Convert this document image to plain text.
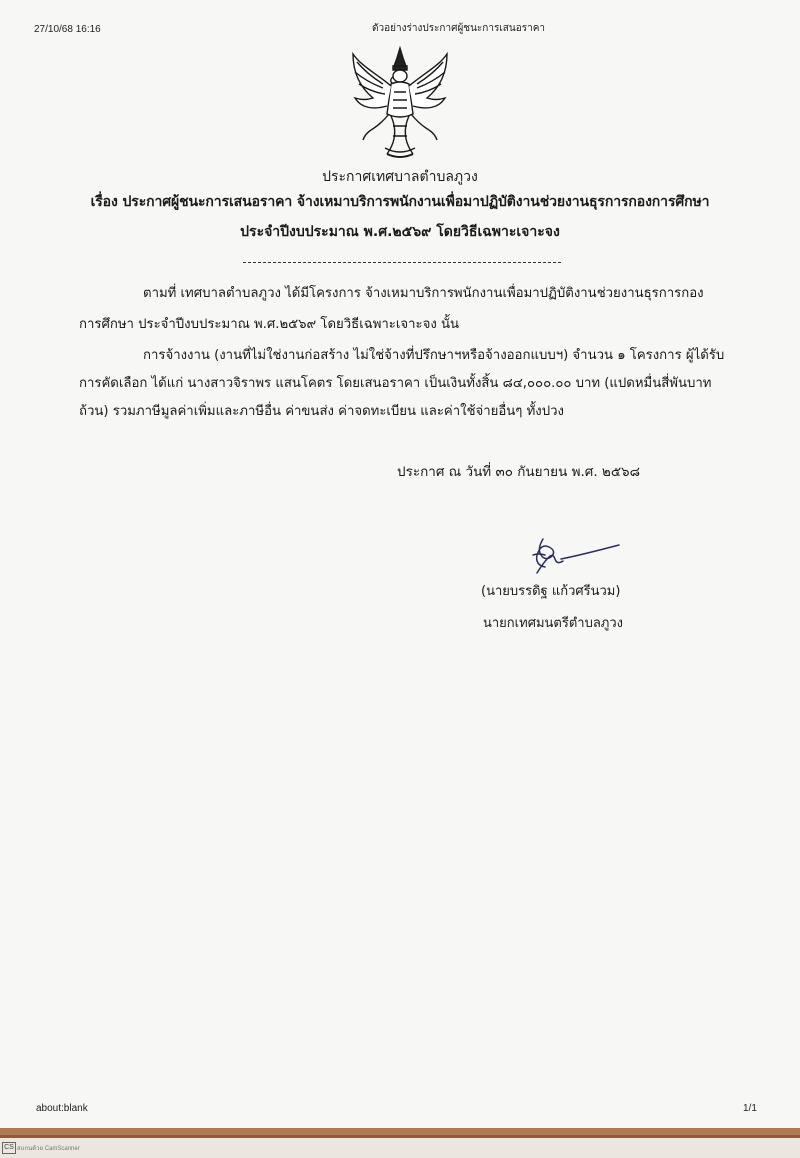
27/10/68 16:16	ตัวอย่างร่างประกาศผู้ชนะการเสนอราคา
ประกาศเทศบาลตำบลภูวง
เรื่อง ประกาศผู้ชนะการเสนอราคา จ้างเหมาบริการพนักงานเพื่อมาปฏิบัติงานช่วยงานธุรการกองการศึกษา
ประจำปีงบประมาณ พ.ศ.๒๕๖๙ โดยวิธีเฉพาะเจาะจง
ตามที่ เทศบาลตำบลภูวง ได้มีโครงการ จ้างเหมาบริการพนักงานเพื่อมาปฏิบัติงานช่วยงานธุรการกอง
การศึกษา ประจำปีงบประมาณ พ.ศ.๒๕๖๙ โดยวิธีเฉพาะเจาะจง นั้น
การจ้างงาน (งานที่ไม่ใช่งานก่อสร้าง ไม่ใช่จ้างที่ปรึกษาฯหรือจ้างออกแบบฯ) จำนวน ๑ โครงการ ผู้ได้รับ
การคัดเลือก ได้แก่ นางสาวจิราพร แสนโคตร โดยเสนอราคา เป็นเงินทั้งสิ้น ๘๔,๐๐๐.๐๐ บาท (แปดหมื่นสี่พันบาท
ถ้วน) รวมภาษีมูลค่าเพิ่มและภาษีอื่น ค่าขนส่ง ค่าจดทะเบียน และค่าใช้จ่ายอื่นๆ ทั้งปวง
ประกาศ ณ วันที่ ๓๐ กันยายน พ.ศ. ๒๕๖๘
(นายบรรดิฐ แก้วศรีนวม)
นายกเทศมนตรีตำบลภูวง
about:blank	1/1
CS สแกนด้วย CamScanner
